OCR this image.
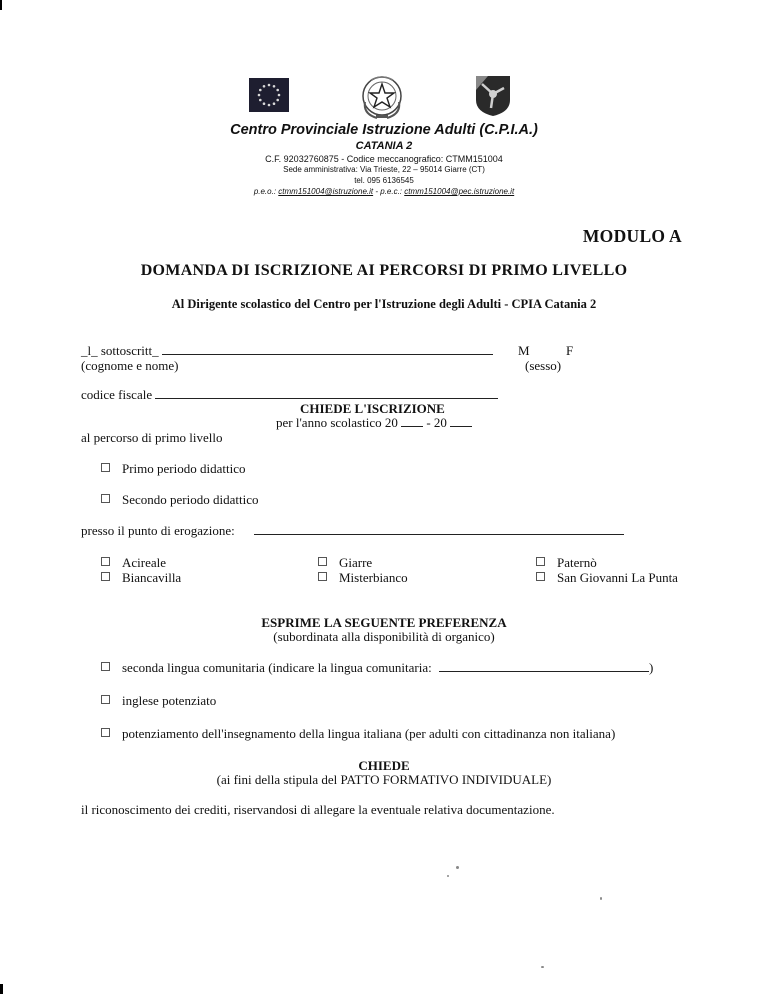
Centro Provinciale Istruzione Adulti (C.P.I.A.)
CATANIA 2
C.F. 92032760875 - Codice meccanografico: CTMM151004
Sede amministrativa: Via Trieste, 22 – 95014 Giarre (CT)
tel. 095 6136545
p.e.o.: ctmm151004@istruzione.it - p.e.c.: ctmm151004@pec.istruzione.it
MODULO A
DOMANDA DI ISCRIZIONE AI PERCORSI DI PRIMO LIVELLO
Al Dirigente scolastico del Centro per l'Istruzione degli Adulti - CPIA Catania 2
_l_ sottoscritt_
(cognome e nome)
M	F
(sesso)
codice fiscale
CHIEDE L'ISCRIZIONE
per l'anno scolastico 20 - 20
al percorso di primo livello
Primo periodo didattico
Secondo periodo didattico
presso il punto di erogazione:
Acireale
Biancavilla
Giarre
Misterbianco
Paternò
San Giovanni La Punta
ESPRIME LA SEGUENTE PREFERENZA
(subordinata alla disponibilità di organico)
seconda lingua comunitaria (indicare la lingua comunitaria:	)
inglese potenziato
potenziamento dell'insegnamento della lingua italiana (per adulti con cittadinanza non italiana)
CHIEDE
(ai fini della stipula del PATTO FORMATIVO INDIVIDUALE)
il riconoscimento dei crediti, riservandosi di allegare la eventuale relativa documentazione.
